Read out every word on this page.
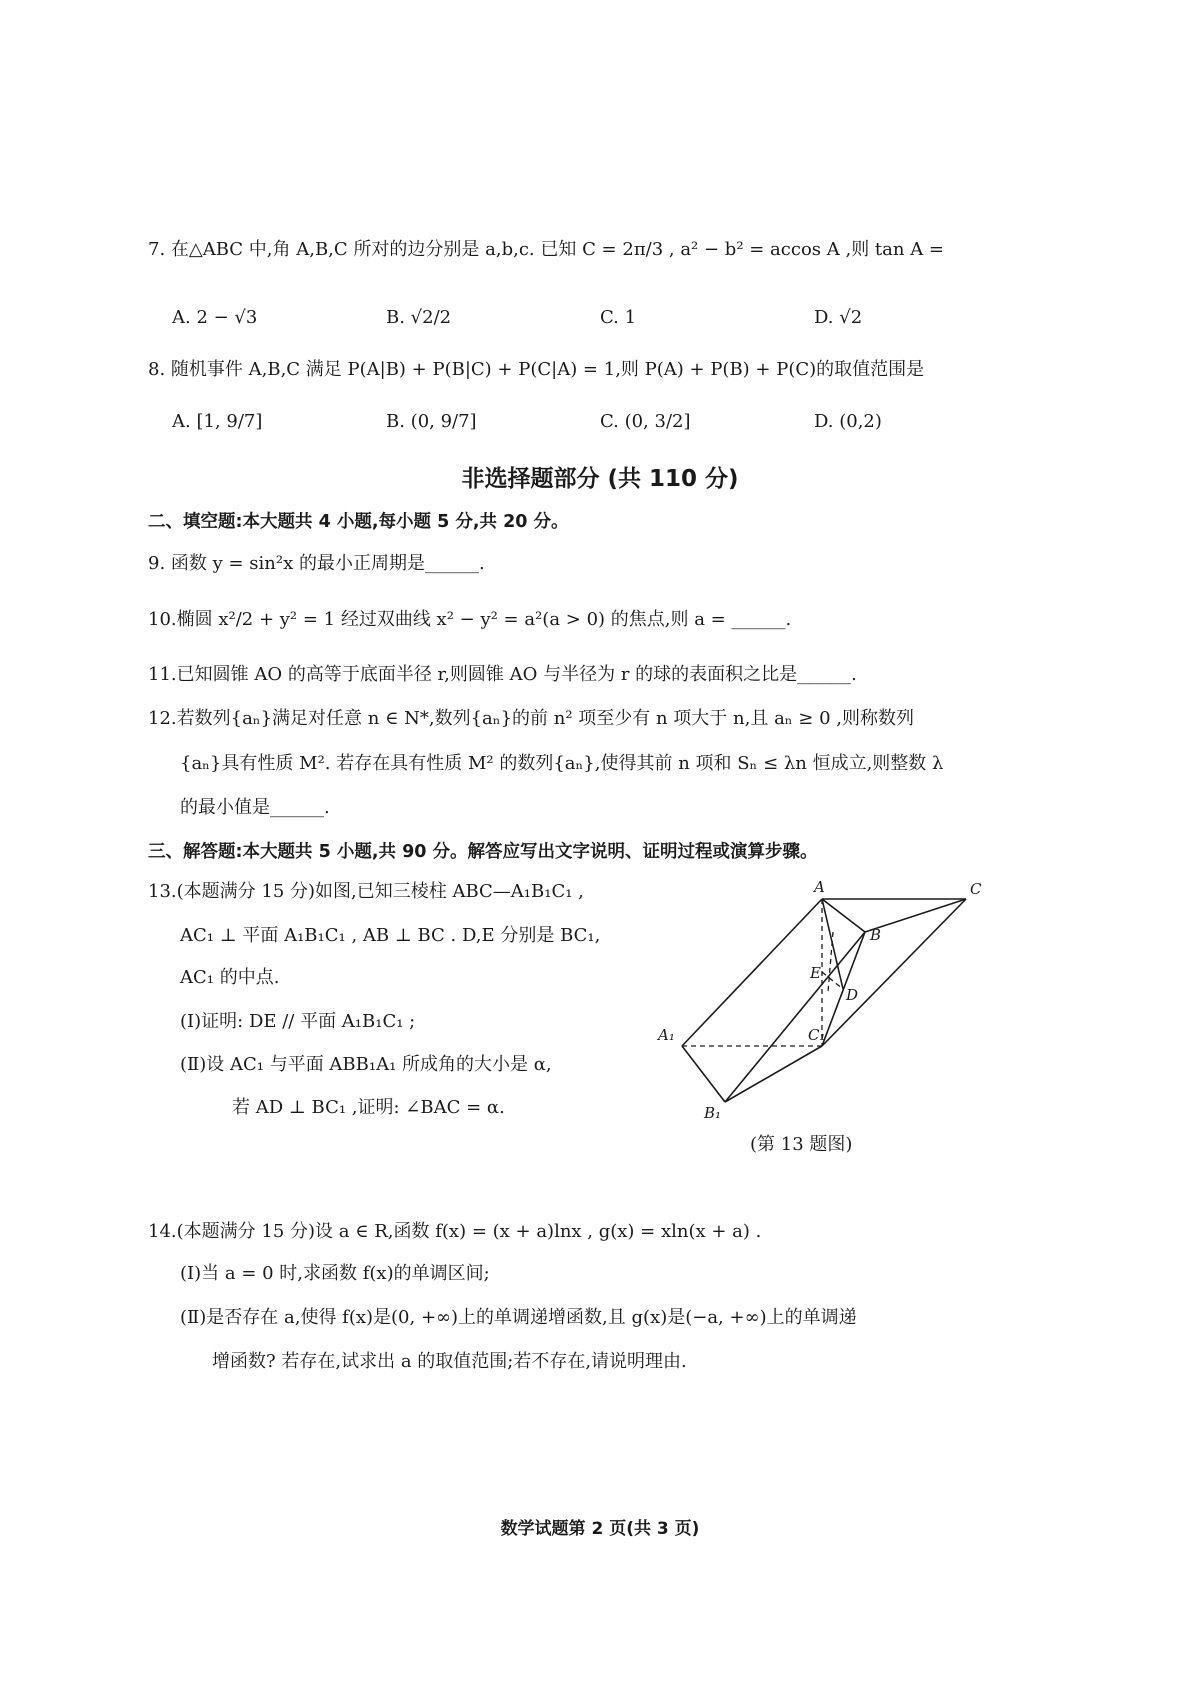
7. 在△ABC 中,角 A,B,C 所对的边分别是 a,b,c. 已知 C = 2π/3 , a² − b² = accos A ,则 tan A =
A. 2 − √3	B. √2/2	C. 1	D. √2
8. 随机事件 A,B,C 满足 P(A|B) + P(B|C) + P(C|A) = 1,则 P(A) + P(B) + P(C)的取值范围是
A. [1, 9/7]	B. (0, 9/7]	C. (0, 3/2]	D. (0,2)
非选择题部分 (共 110 分)
二、填空题:本大题共 4 小题,每小题 5 分,共 20 分。
9. 函数 y = sin²x 的最小正周期是______.
10.椭圆 x²/2 + y² = 1 经过双曲线 x² − y² = a²(a > 0) 的焦点,则 a = ______.
11.已知圆锥 AO 的高等于底面半径 r,则圆锥 AO 与半径为 r 的球的表面积之比是______.
12.若数列{aₙ}满足对任意 n ∈ N*,数列{aₙ}的前 n² 项至少有 n 项大于 n,且 aₙ ≥ 0 ,则称数列
{aₙ}具有性质 M². 若存在具有性质 M² 的数列{aₙ},使得其前 n 项和 Sₙ ≤ λn 恒成立,则整数 λ
的最小值是______.
三、解答题:本大题共 5 小题,共 90 分。解答应写出文字说明、证明过程或演算步骤。
13.(本题满分 15 分)如图,已知三棱柱 ABC—A₁B₁C₁ ,
AC₁ ⊥ 平面 A₁B₁C₁ , AB ⊥ BC . D,E 分别是 BC₁,
AC₁ 的中点.
(Ⅰ)证明: DE // 平面 A₁B₁C₁ ;
(Ⅱ)设 AC₁ 与平面 ABB₁A₁ 所成角的大小是 α,
若 AD ⊥ BC₁ ,证明: ∠BAC = α.
A	C
B
E
D
A₁	C₁
B₁
(第 13 题图)
14.(本题满分 15 分)设 a ∈ R,函数 f(x) = (x + a)lnx , g(x) = xln(x + a) .
(Ⅰ)当 a = 0 时,求函数 f(x)的单调区间;
(Ⅱ)是否存在 a,使得 f(x)是(0, +∞)上的单调递增函数,且 g(x)是(−a, +∞)上的单调递
增函数? 若存在,试求出 a 的取值范围;若不存在,请说明理由.
数学试题第 2 页(共 3 页)
